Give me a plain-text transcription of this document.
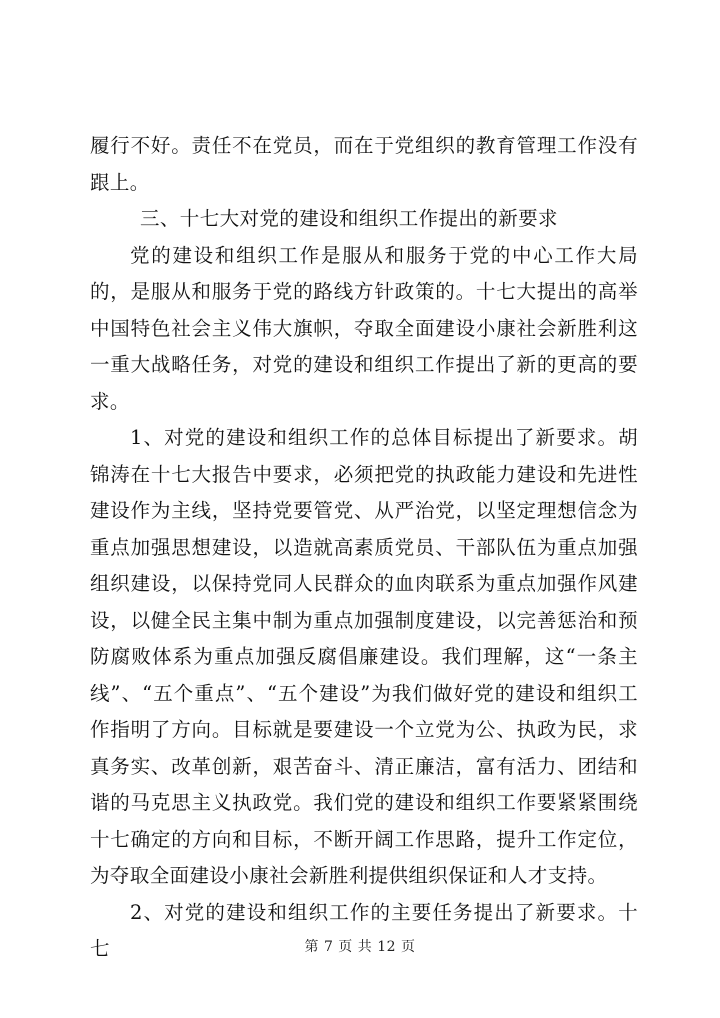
履行不好。责任不在党员，而在于党组织的教育管理工作没有跟上。

三、十七大对党的建设和组织工作提出的新要求

党的建设和组织工作是服从和服务于党的中心工作大局的，是服从和服务于党的路线方针政策的。十七大提出的高举中国特色社会主义伟大旗帜，夺取全面建设小康社会新胜利这一重大战略任务，对党的建设和组织工作提出了新的更高的要求。

1、对党的建设和组织工作的总体目标提出了新要求。胡锦涛在十七大报告中要求，必须把党的执政能力建设和先进性建设作为主线，坚持党要管党、从严治党，以坚定理想信念为重点加强思想建设，以造就高素质党员、干部队伍为重点加强组织建设，以保持党同人民群众的血肉联系为重点加强作风建设，以健全民主集中制为重点加强制度建设，以完善惩治和预防腐败体系为重点加强反腐倡廉建设。我们理解，这“一条主线”、“五个重点”、“五个建设”为我们做好党的建设和组织工作指明了方向。目标就是要建设一个立党为公、执政为民，求真务实、改革创新，艰苦奋斗、清正廉洁，富有活力、团结和谐的马克思主义执政党。我们党的建设和组织工作要紧紧围绕十七确定的方向和目标，不断开阔工作思路，提升工作定位，为夺取全面建设小康社会新胜利提供组织保证和人才支持。

2、对党的建设和组织工作的主要任务提出了新要求。十七	第 7 页 共 12 页
